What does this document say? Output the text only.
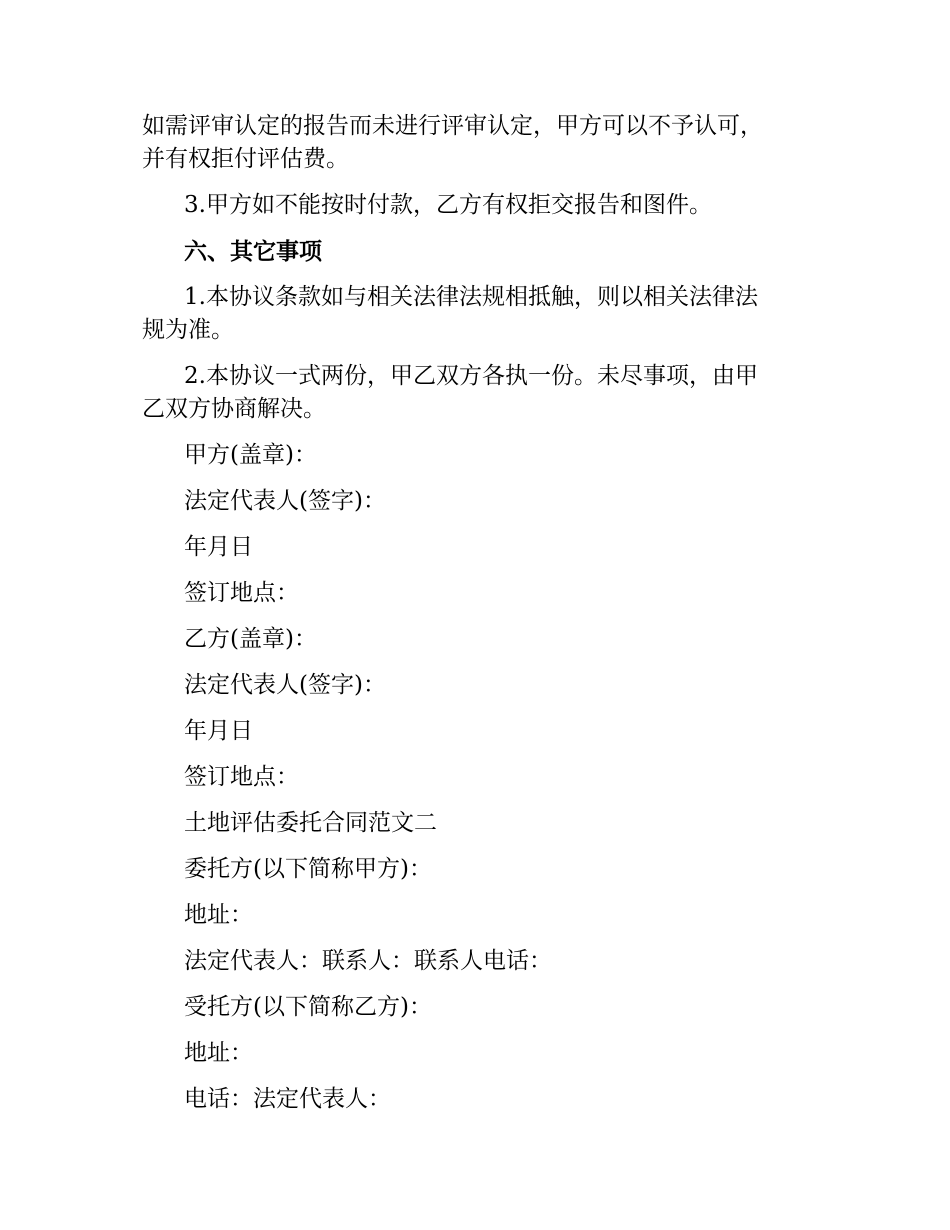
如需评审认定的报告而未进行评审认定，甲方可以不予认可，
并有权拒付评估费。

3.甲方如不能按时付款，乙方有权拒交报告和图件。

六、其它事项

1.本协议条款如与相关法律法规相抵触，则以相关法律法
规为准。

2.本协议一式两份，甲乙双方各执一份。未尽事项，由甲
乙双方协商解决。

甲方(盖章)：

法定代表人(签字)：

年月日

签订地点：

乙方(盖章)：

法定代表人(签字)：

年月日

签订地点：

土地评估委托合同范文二

委托方(以下简称甲方)：

地址：

法定代表人：联系人：联系人电话：

受托方(以下简称乙方)：

地址：

电话：法定代表人：
